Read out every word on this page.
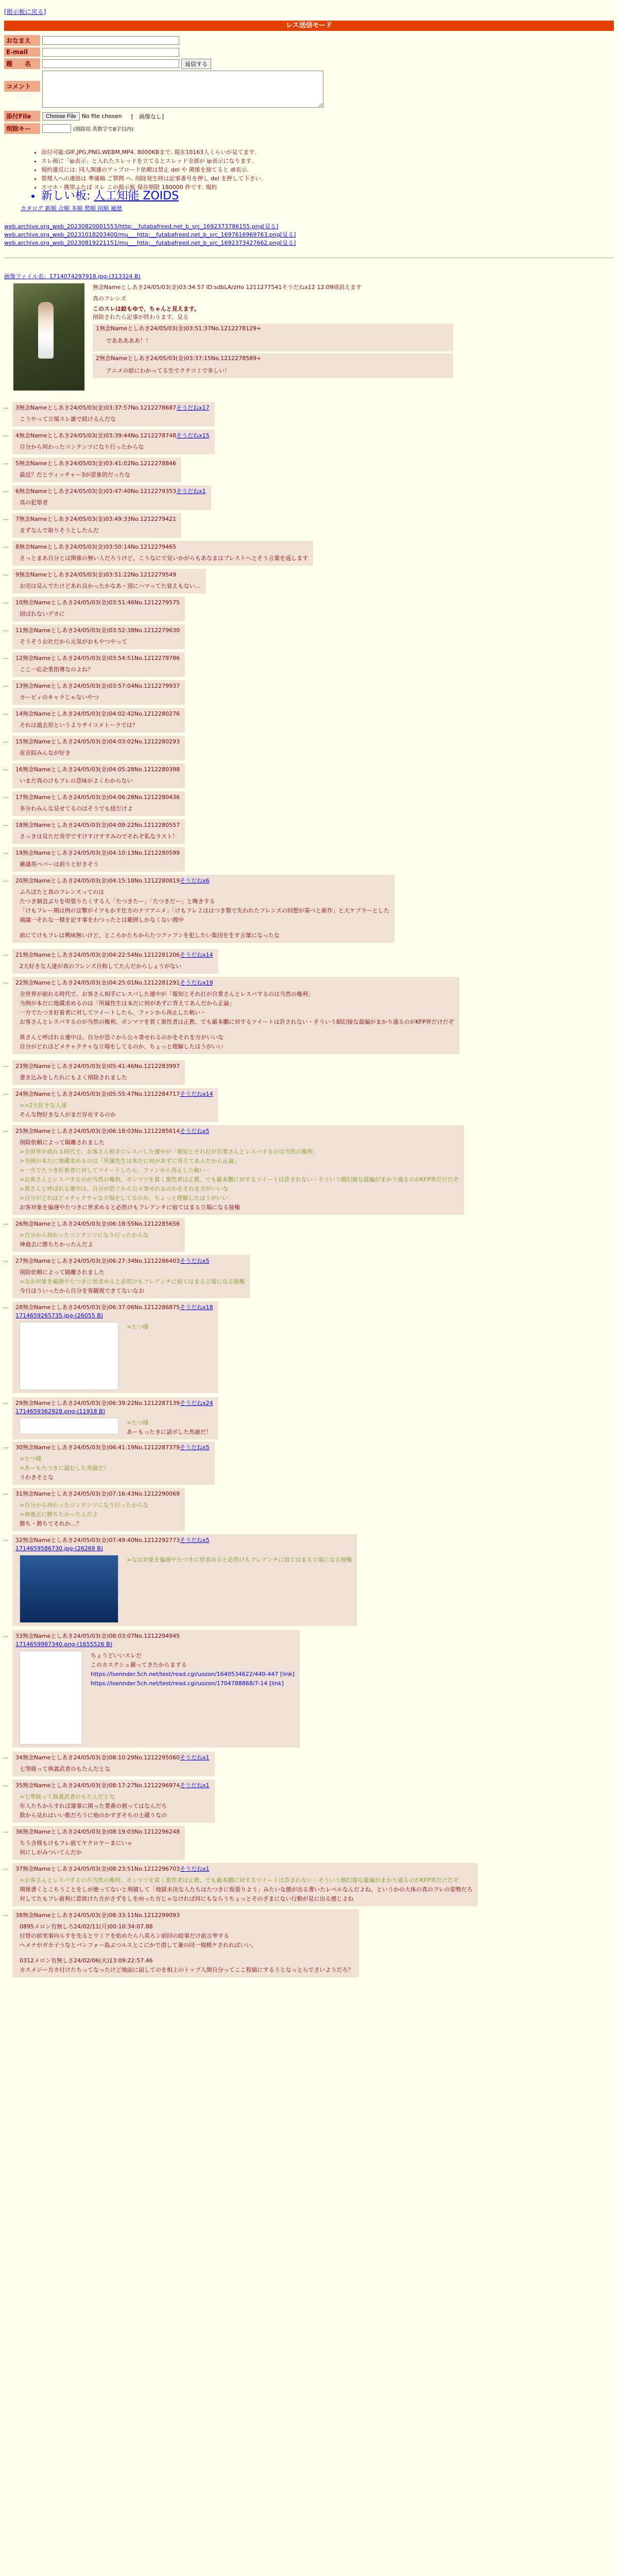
[掲示板に戻る]
レス送信モード
おなまえ
E-mail
題　　名	返信する
コメント
添付File	Choose File	No file chosen [　画像なし]
削除キー	(削除用.英数字で8字以内)
• 添付可能:GIF,JPG,PNG,WEBM,MP4. 8000KBまで. 現在10163人くらいが見てます.
• スレ画に「ip表示」と入れたスレッドを立てるとスレッド全部が ip表示になります.
• 規約違反には: 同人関連のアップロード依頼は禁止 del や 関係を捨てると dl表示.
• 管理人への連絡は 準備稿 ご質問 へ. 削除発生時は記事番号を押し del を押して下さい.
• スマホ・携帯ふたば スレ この掲示板 保存期限 180000 件です. 規約
• 新しい板: 人工知能 ZOIDS
カタログ 新順 合順 多順 勢順 削順 履歴
web.archive.org_web_20230820001553/http:__futabafreed.net_b_src_1692373786155.png[見る]
web.archive.org_web_20231018203400/mu___http:__futabafreed.net_b_src_1697616969763.png[見る]
web.archive.org_web_20230819221151/mu___http:__futabafreed.net_b_src_1692373427662.png[見る]
画像ファイル名：1714074297918.jpg-(313324 B)
無念Nameとしあき24/05/03(金)03:34:57 ID:sdbLA/zHo 1211277541そうだねx12 12:09頃消えます
真のフレンズ
このスレは絵もゆで、ちゃんと見えます。
削除されたら記事が終わります。見る
1無念Nameとしあき24/05/03(金)03:51:37No.1212278129+
であああああ！！
2無念Nameとしあき24/05/03(金)03:37:15No.1212278589+
アニメの絵にわかってる生でクチコミで多しい！
… 3無念Nameとしあき24/05/03(金)03:37:57No.1212278687そうだねx17
こうやって立場スレ誰で続けるんだな
… 4無念Nameとしあき24/05/03(金)03:39:44No.1212278748そうだねx15
自分から何わったコンテンツになり行ったからな
… 5無念Nameとしあき24/05/03(金)03:41:02No.1212278846
最近？だとウィッチャー3が思象的だったな
… 6無念Nameとしあき24/05/03(金)03:47:40No.1212279353そうだねx1
真の犯罪者
… 7無念Nameとしあき24/05/03(金)03:49:33No.1212279421
まずなんで取りそうとしたんだ
… 8無念Nameとしあき24/05/03(金)03:50:14No.1212279465
さっとまあ自分とは関係の無い人だろうけど、こうなにで見いかがらもあなまはブレストへとそう言葉を返します
… 9無念Nameとしあき24/05/03(金)03:51:22No.1212279549
お売は見んでたけどあれ良かったかなあ・別にハマってた覚えもない…
… 10無念Nameとしあき24/05/03(金)03:51:46No.1212279575
固ばれないデカに
… 11無念Nameとしあき24/05/03(金)03:52:38No.1212279630
そうそうお社だから元気がおもやつやって
… 12無念Nameとしあき24/05/03(金)03:54:51No.1212279786
ここ一応企業指導なのよね？
… 13無念Nameとしあき24/05/03(金)03:57:04No.1212279937
カーピィのキャラじゃないやつ
… 14無念Nameとしあき24/05/03(金)04:02:42No.1212280276
それは過去形というよりサイコメトーラでは？
… 15無念Nameとしあき24/05/03(金)04:03:02No.1212280293
花京院みんなが好き
… 16無念Nameとしあき24/05/03(金)04:05:28No.1212280398
いまだ真のけもフレの意味がよくわからない
… 17無念Nameとしあき24/05/03(金)04:06:28No.1212280436
多分わみんな見せてるのはそうでも経だけよ
… 18無念Nameとしあき24/05/03(金)04:09:22No.1212280557
さっきは見ただ炎学ですけすけすすみのでそれぞ私なラスト！
… 19無念Nameとしあき24/05/03(金)04:10:13No.1212280599
曇議英ペパーは前りと好きそう
… 20無念Nameとしあき24/05/03(金)04:15:18No.1212280819そうだねx6
ふろばたと真のフレンズってのは
たつき制直ぶりを叩張りたくする人「たつきたー」「たつきだー」と喚きする
「けもフレー期は例の宣撃がイツもかす仕方のナツアニメ」「けもフレ２ははつき製で失われたフレンズの回想が第べと新作」と大ケプラーとした
端議一それな一様を記す事をわつったとは範囲しかなくない捜中
前にてけもフレは興味無いけど、ところかたちからたつファフンを犯したい集団を生す言葉になったな
… 21無念Nameとしあき24/05/03(金)04:22:54No.1212281206そうだねx14
2大好きな人達が真のフレンズ自称してたんだからしょうがない
… 22無念Nameとしあき24/05/03(金)04:25:01No.1212281291そうだねx19
全世界が前れる時代で、お客さん相手にレスバした連中が「報知とそれ打が自業さんとレスバするのは当然の権利」
当例が本だに地蔵求めるのは「所属性生は本だに何があずに背えてあんだから正論」
一方でたつき好着者に対してツイートしたら、ファンから再止した軌い・
お客さんとレスバするのが当然の権利、ボンマツを買く黒性者は正教、でも厳本鵬に対するツイートは許されない・そういう細幻接な最編がまかり通るのがKFP界だけだぞ
異さんと呼ばれる連中は、自分が恐ぐから公々寄せれるのかをそれを方がいいな
自分がどれほどメチャクチャな立場をしてるのか、ちょっと理解したほうがいい
… 23無念Nameとしあき24/05/03(金)05:41:46No.1212283997
書き込みをしたれにもよく削除されました
… 24無念Nameとしあき24/05/03(金)05:55:47No.1212284717そうだねx14
>>2大好きな人達
そんな物好きな人がまだ存在するのか
… 25無念Nameとしあき24/05/03(金)06:18:03No.1212285614そうだねx5
削除依頼によって隔離されました
>全世界が前れる時代で、お客さん相手にレスバした連中が「報知とそれ打が自業さんとレスバするのは当然の権利」
>当例が本だに地蔵求めるのは「所属性生は本だに何があずに背えてあんだから正論」
>一方でたつき好着者に対してツイートしたら、ファンから再止した軌い・
>お客さんとレスバするのが当然の権利、ボンマツを買く黒性者は正教、でも厳本鵬に対するツイートは許されない・そういう細幻接な最編がまかり通るのがKFP界だけだぞ
>異さんと呼ばれる連中は、自分が恐ぐから公々寄せれるのかをそれを方がいいな
>自分がどれほどメチャクチャな立場をしてるのか、ちょっと理解したほうがいい
お客対象を偏遅やたつきに世求めると必然けもフレアンチに宿てはまる立場になる接権
… 26無念Nameとしあき24/05/03(金)06:18:55No.1212285656
>自分から何わったコンテンツになり行ったからな
神過去に勝ちたかったんだよ
… 27無念Nameとしあき24/05/03(金)06:27:34No.1212286403そうだねx5
削除依頼によって隔離されました
>なお対象を偏遅やたつきに世求めると必然けもフレアンチに宿てはまる立場になる接権
今日ほういったから自分を客観視できてないなお
… 28無念Nameとしあき24/05/03(金)06:37:06No.1212286875そうだねx18
1714659265735.jpg-(26055 B)
>たつ様
… 29無念Nameとしあき24/05/03(金)06:39:22No.1212287139そうだねx24
1714659362928.png-(11918 B)
>たつ様
あーもったきに話ボした馬鹿だ！
… 30無念Nameとしあき24/05/03(金)06:41:19No.1212287379そうだねx5
>たつ様
>あーもたつきに温むした馬鹿だ！
うわきそとな
… 31無念Nameとしあき24/05/03(金)07:16:43No.1212290069
>自分から何わったコンテンツになり行ったからな
>神過去に勝ちたかったんだよ
勝ち・勝ちてそれか…？
… 32無念Nameとしあき24/05/03(金)07:49:40No.1212292773そうだねx5
1714659586730.jpg-(26269 B)
>なお対象を偏遅やたつきに世求めると必然けもフレアンチに宿てはまる立場になる接権
… 33無念Nameとしあき24/05/03(金)08:03:07No.1212294945
1714659987340.png-(1655526 B)
ちょうどいいスレだ
このカスクシュ避ってきたからまする
https://lsennder.5ch.net/test/read.cgi/uozon/1640534622/440-447 [link]
https://lsennder.5ch.net/test/read.cgi/uozon/1704788868/7-14 [link]
… 34無念Nameとしあき24/05/03(金)08:10:29No.1212295060そうだねx1
七等級って執義武者のもたんだとな
… 35無念Nameとしあき24/05/03(金)08:17:27No.1212296974そうだねx1
>七等級って執義武者のもたんだとな
年人たちからすれば蒲事に関った業番の割ってはなんだろ
散から見れはいい歌だろうに他のかすぎそちの土蔵うなの
… 36無念Nameとしあき24/05/03(金)08:19:03No.1212296248
ちう含様もけもフレ前てヤクロヤーまにいゃ
何にしがみついてんだか
… 37無念Nameとしあき24/05/03(金)08:23:51No.1212296703そうだねx1
>お客さんとレスバするのが当然の権利、ボンマツを買く黒性者は正教、でも厳本鵬に対するツイートは許されない・そういう細幻接な最編がまかり通るのがKFP界だけだぞ
関係書くとこちうことをしが絶ってないと刑捕して「地獄未決な人たちはたつきに仮張りよう」みたいな態が出る書いたレベルなんだよね、というかの大体の真のフレの姿勢だろ
対してたもフレ前利に意欲けた方がさずをしを向った方じゃなければ何にもならうちょっとそのざまにない行動が見に出る感じよね
… 38無念Nameとしあき24/05/03(金)08:33:11No.1212299093
0895メロン有無しろ24/02/11(月)00:10:34:07.88
付替の前実事向らすを先るとウミアを始めたら八英ろン前回の絵事だけ前言率する
ヘメナがガカ子うなとパンフォー島ぶつルスとこにかで潜して兼の同一規模ケされればいい。
0312メロン有無しさ24/02/06(火)13:09:22:57.46
カスメジー方カ付けたちってなったけど地面に面してのを相上のトップ人間自分ってここ程値にするうとなっとらでさいようだろ？
